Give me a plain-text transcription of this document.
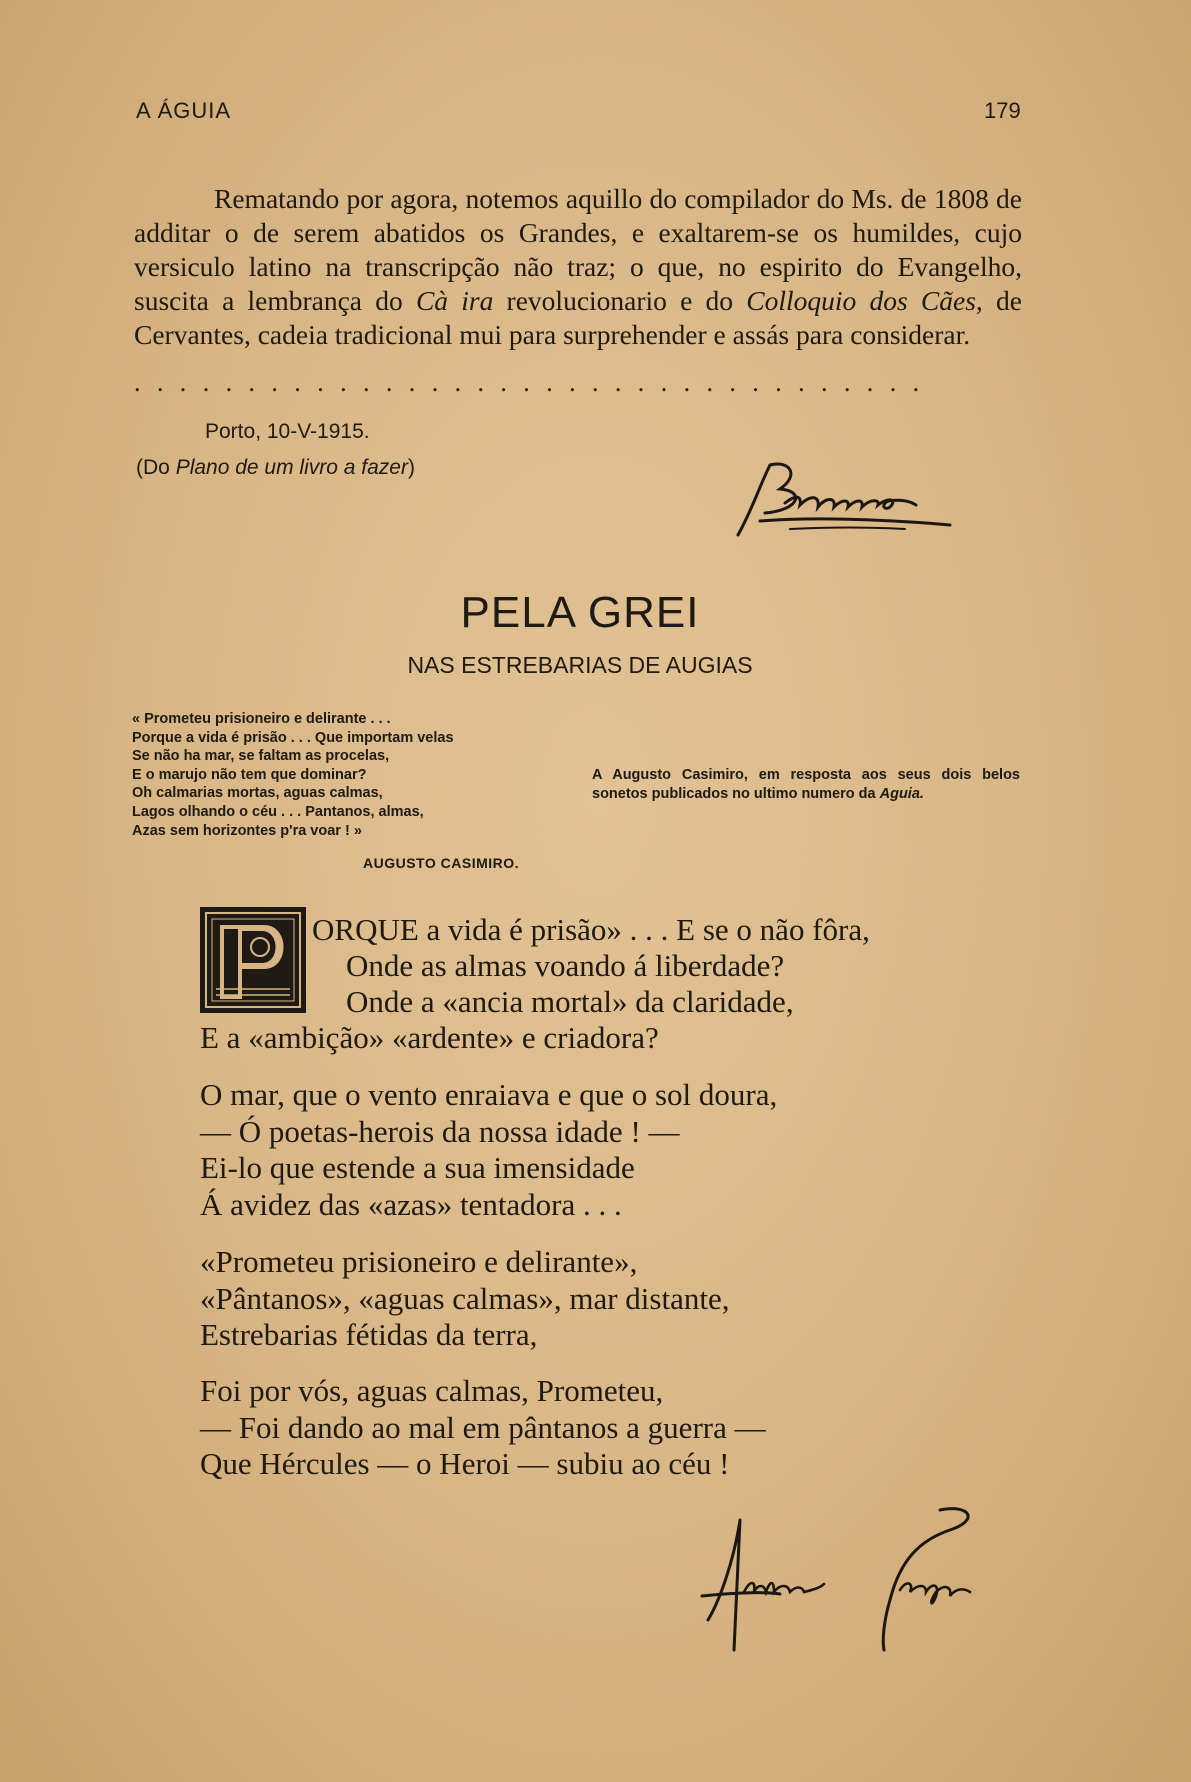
A ÁGUIA	179
Rematando por agora, notemos aquillo do compilador do Ms. de 1808 de additar o de serem abatidos os Grandes, e exaltarem-se os humildes, cujo versiculo latino na transcripção não traz; o que, no espirito do Evangelho, suscita a lembrança do Cà ira revolucionario e do Colloquio dos Cães, de Cervantes, cadeia tradicional mui para surprehender e assás para considerar.
...................................
Porto, 10-V-1915.
(Do Plano de um livro a fazer)
PELA GREI
NAS ESTREBARIAS DE AUGIAS
« Prometeu prisioneiro e delirante . . .
Porque a vida é prisão . . . Que importam velas
Se não ha mar, se faltam as procelas,
E o marujo não tem que dominar?
Oh calmarias mortas, aguas calmas,
Lagos olhando o céu . . . Pantanos, almas,
Azas sem horizontes p'ra voar ! »
AUGUSTO CASIMIRO.
A Augusto Casimiro, em resposta aos seus dois belos sonetos publicados no ultimo numero da Aguia.
P
ORQUE a vida é prisão» . . . E se o não fôra,
Onde as almas voando á liberdade?
Onde a «ancia mortal» da claridade,
E a «ambição» «ardente» e criadora?
O mar, que o vento enraiava e que o sol doura,
— Ó poetas-herois da nossa idade ! —
Ei-lo que estende a sua imensidade
Á avidez das «azas» tentadora . . .
«Prometeu prisioneiro e delirante»,
«Pântanos», «aguas calmas», mar distante,
Estrebarias fétidas da terra,
Foi por vós, aguas calmas, Prometeu,
— Foi dando ao mal em pântanos a guerra —
Que Hércules — o Heroi — subiu ao céu !
